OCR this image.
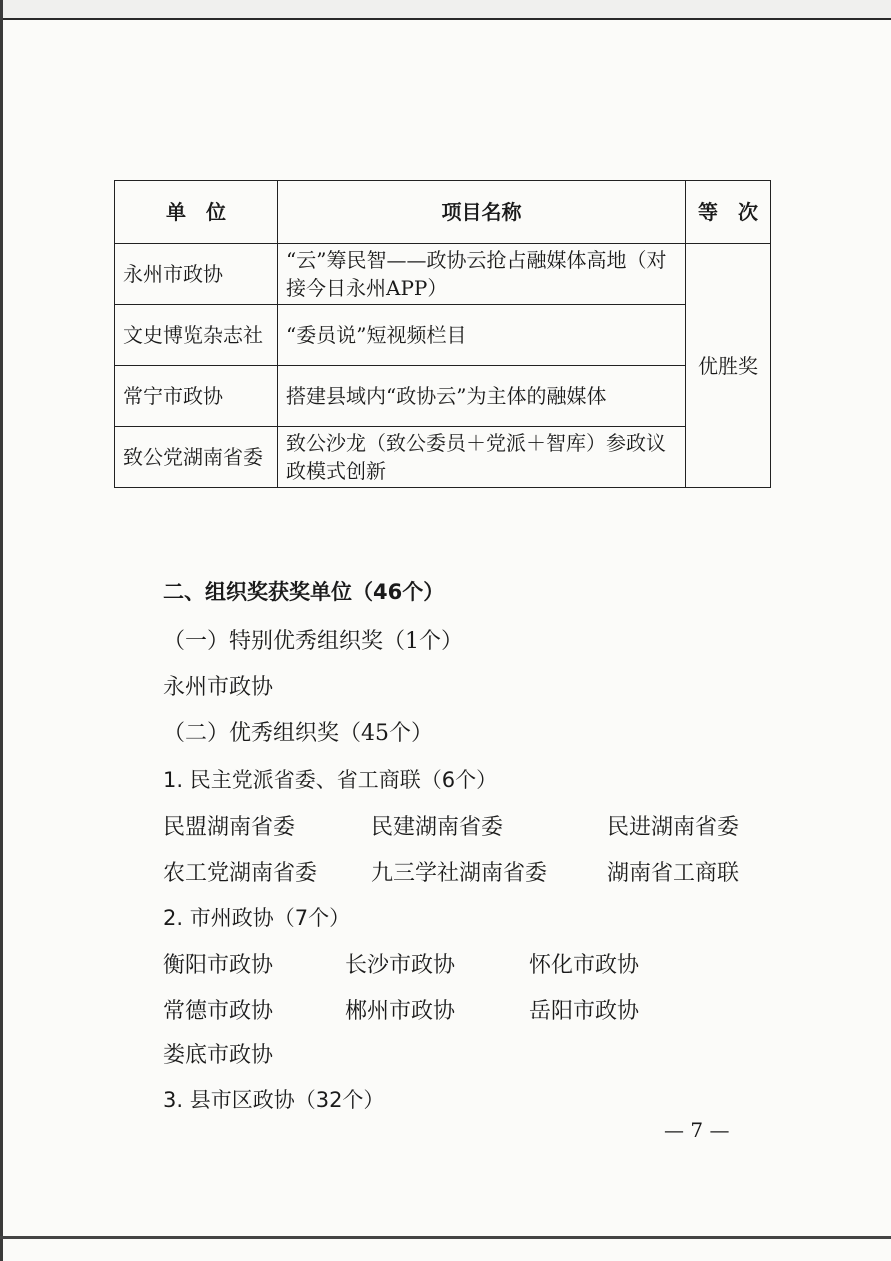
单　位	项目名称	等　次
永州市政协	“云”筹民智——政协云抢占融媒体高地（对接今日永州APP）	优胜奖
文史博览杂志社	“委员说”短视频栏目	
常宁市政协	搭建县域内“政协云”为主体的融媒体	
致公党湖南省委	致公沙龙（致公委员＋党派＋智库）参政议政模式创新	
二、组织奖获奖单位（46个）
（一）特别优秀组织奖（1个）
永州市政协
（二）优秀组织奖（45个）
1. 民主党派省委、省工商联（6个）
民盟湖南省委	民建湖南省委	民进湖南省委
农工党湖南省委	九三学社湖南省委	湖南省工商联
2. 市州政协（7个）
衡阳市政协	长沙市政协	怀化市政协
常德市政协	郴州市政协	岳阳市政协
娄底市政协
3. 县市区政协（32个）
— 7 —
